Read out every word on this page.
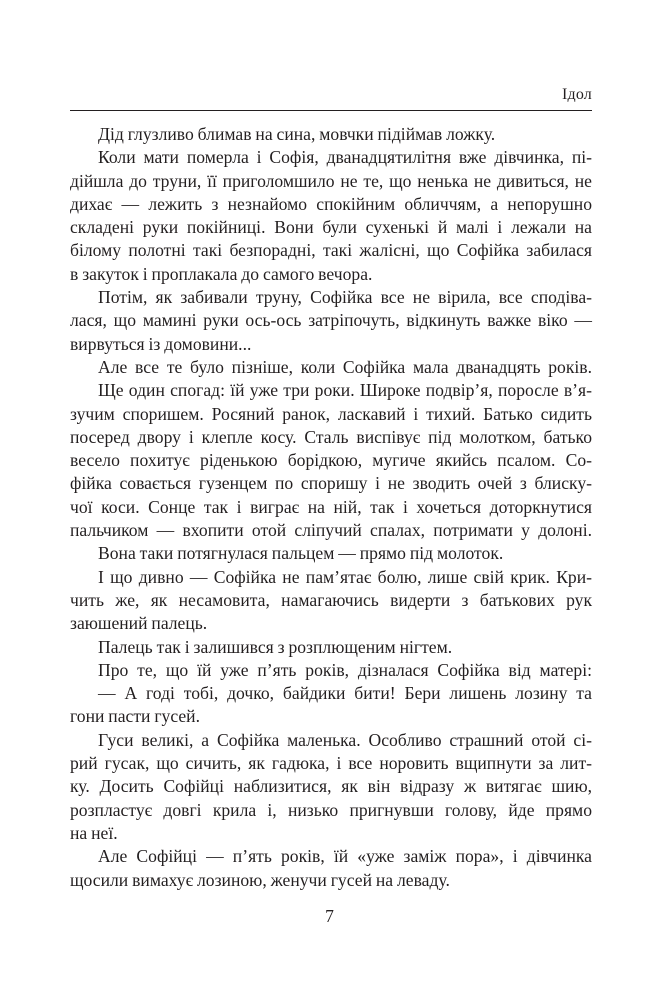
Ідол
Дід глузливо блимав на сина, мовчки підіймав ложку.
Коли мати померла і Софія, дванадцятилітня вже дівчинка, пі-
дійшла до труни, її приголомшило не те, що ненька не дивиться, не
дихає — лежить з незнайомо спокійним обличчям, а непорушно
складені руки покійниці. Вони були сухенькі й малі і лежали на
білому полотні такі безпорадні, такі жалісні, що Софійка забилася
в закуток і проплакала до самого вечора.
Потім, як забивали труну, Софійка все не вірила, все сподіва-
лася, що мамині руки ось-ось затріпочуть, відкинуть важке віко —
вирвуться із домовини...
Але все те було пізніше, коли Софійка мала дванадцять років.
Ще один спогад: їй уже три роки. Широке подвір’я, поросле в’я-
зучим споришем. Росяний ранок, ласкавий і тихий. Батько сидить
посеред двору і клепле косу. Сталь виспівує під молотком, батько
весело похитує ріденькою борідкою, мугиче якийсь псалом. Со-
фійка совається гузенцем по споришу і не зводить очей з блиску-
чої коси. Сонце так і виграє на ній, так і хочеться доторкнутися
пальчиком — вхопити отой сліпучий спалах, потримати у долоні.
Вона таки потягнулася пальцем — прямо під молоток.
І що дивно — Софійка не пам’ятає болю, лише свій крик. Кри-
чить же, як несамовита, намагаючись видерти з батькових рук
заюшений палець.
Палець так і залишився з розплющеним нігтем.
Про те, що їй уже п’ять років, дізналася Софійка від матері:
— А годі тобі, дочко, байдики бити! Бери лишень лозину та
гони пасти гусей.
Гуси великі, а Софійка маленька. Особливо страшний отой сі-
рий гусак, що сичить, як гадюка, і все норовить вщипнути за лит-
ку. Досить Софійці наблизитися, як він відразу ж витягає шию,
розпластує довгі крила і, низько пригнувши голову, йде прямо
на неї.
Але Софійці — п’ять років, їй «уже заміж пора», і дівчинка
щосили вимахує лозиною, женучи гусей на леваду.
7
